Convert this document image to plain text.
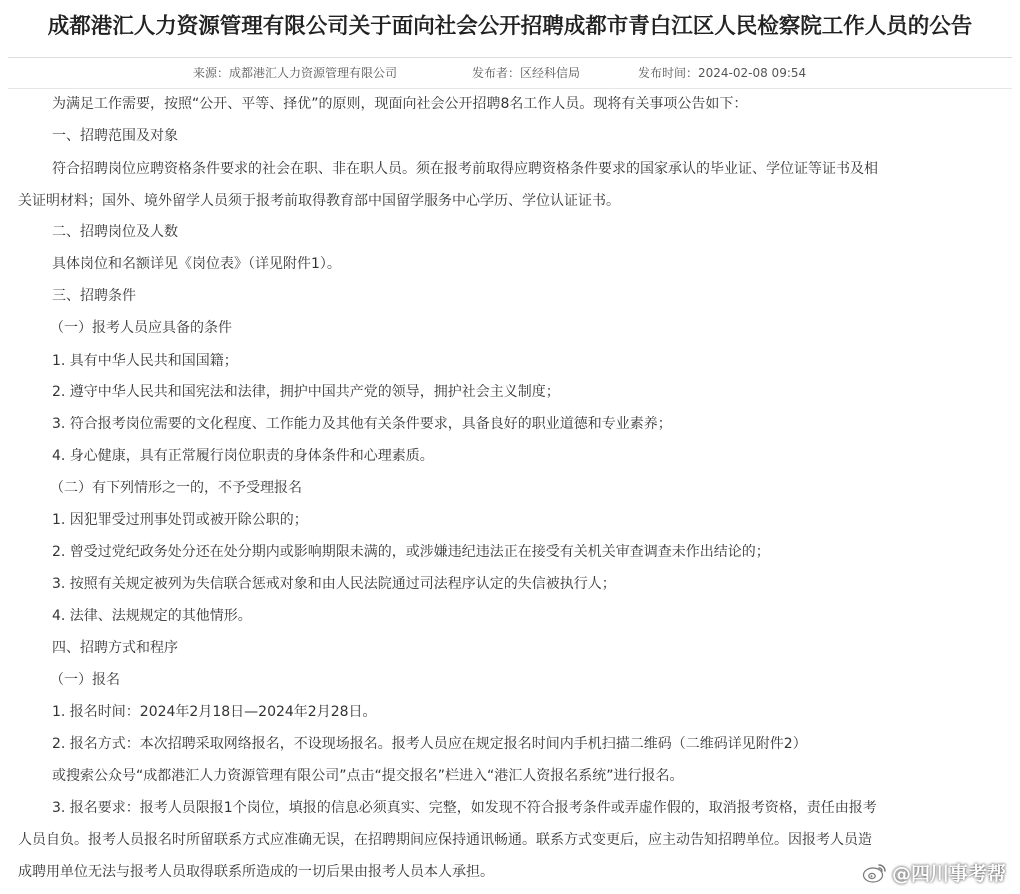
成都港汇人力资源管理有限公司关于面向社会公开招聘成都市青白江区人民检察院工作人员的公告
来源：成都港汇人力资源管理有限公司	发布者：区经科信局	发布时间：2024-02-08 09:54
为满足工作需要，按照“公开、平等、择优”的原则，现面向社会公开招聘8名工作人员。现将有关事项公告如下：
一、招聘范围及对象
符合招聘岗位应聘资格条件要求的社会在职、非在职人员。须在报考前取得应聘资格条件要求的国家承认的毕业证、学位证等证书及相
关证明材料；国外、境外留学人员须于报考前取得教育部中国留学服务中心学历、学位认证证书。
二、招聘岗位及人数
具体岗位和名额详见《岗位表》（详见附件1）。
三、招聘条件
（一）报考人员应具备的条件
1. 具有中华人民共和国国籍；
2. 遵守中华人民共和国宪法和法律，拥护中国共产党的领导，拥护社会主义制度；
3. 符合报考岗位需要的文化程度、工作能力及其他有关条件要求，具备良好的职业道德和专业素养；
4. 身心健康，具有正常履行岗位职责的身体条件和心理素质。
（二）有下列情形之一的，不予受理报名
1. 因犯罪受过刑事处罚或被开除公职的；
2. 曾受过党纪政务处分还在处分期内或影响期限未满的，或涉嫌违纪违法正在接受有关机关审查调查未作出结论的；
3. 按照有关规定被列为失信联合惩戒对象和由人民法院通过司法程序认定的失信被执行人；
4. 法律、法规规定的其他情形。
四、招聘方式和程序
（一）报名
1. 报名时间：2024年2月18日—2024年2月28日。
2. 报名方式：本次招聘采取网络报名，不设现场报名。报考人员应在规定报名时间内手机扫描二维码（二维码详见附件2）
或搜索公众号“成都港汇人力资源管理有限公司”点击“提交报名”栏进入“港汇人资报名系统”进行报名。
3. 报名要求：报考人员限报1个岗位，填报的信息必须真实、完整，如发现不符合报考条件或弄虚作假的，取消报考资格，责任由报考
人员自负。报考人员报名时所留联系方式应准确无误，在招聘期间应保持通讯畅通。联系方式变更后，应主动告知招聘单位。因报考人员造
成聘用单位无法与报考人员取得联系所造成的一切后果由报考人员本人承担。	@四川事考帮
